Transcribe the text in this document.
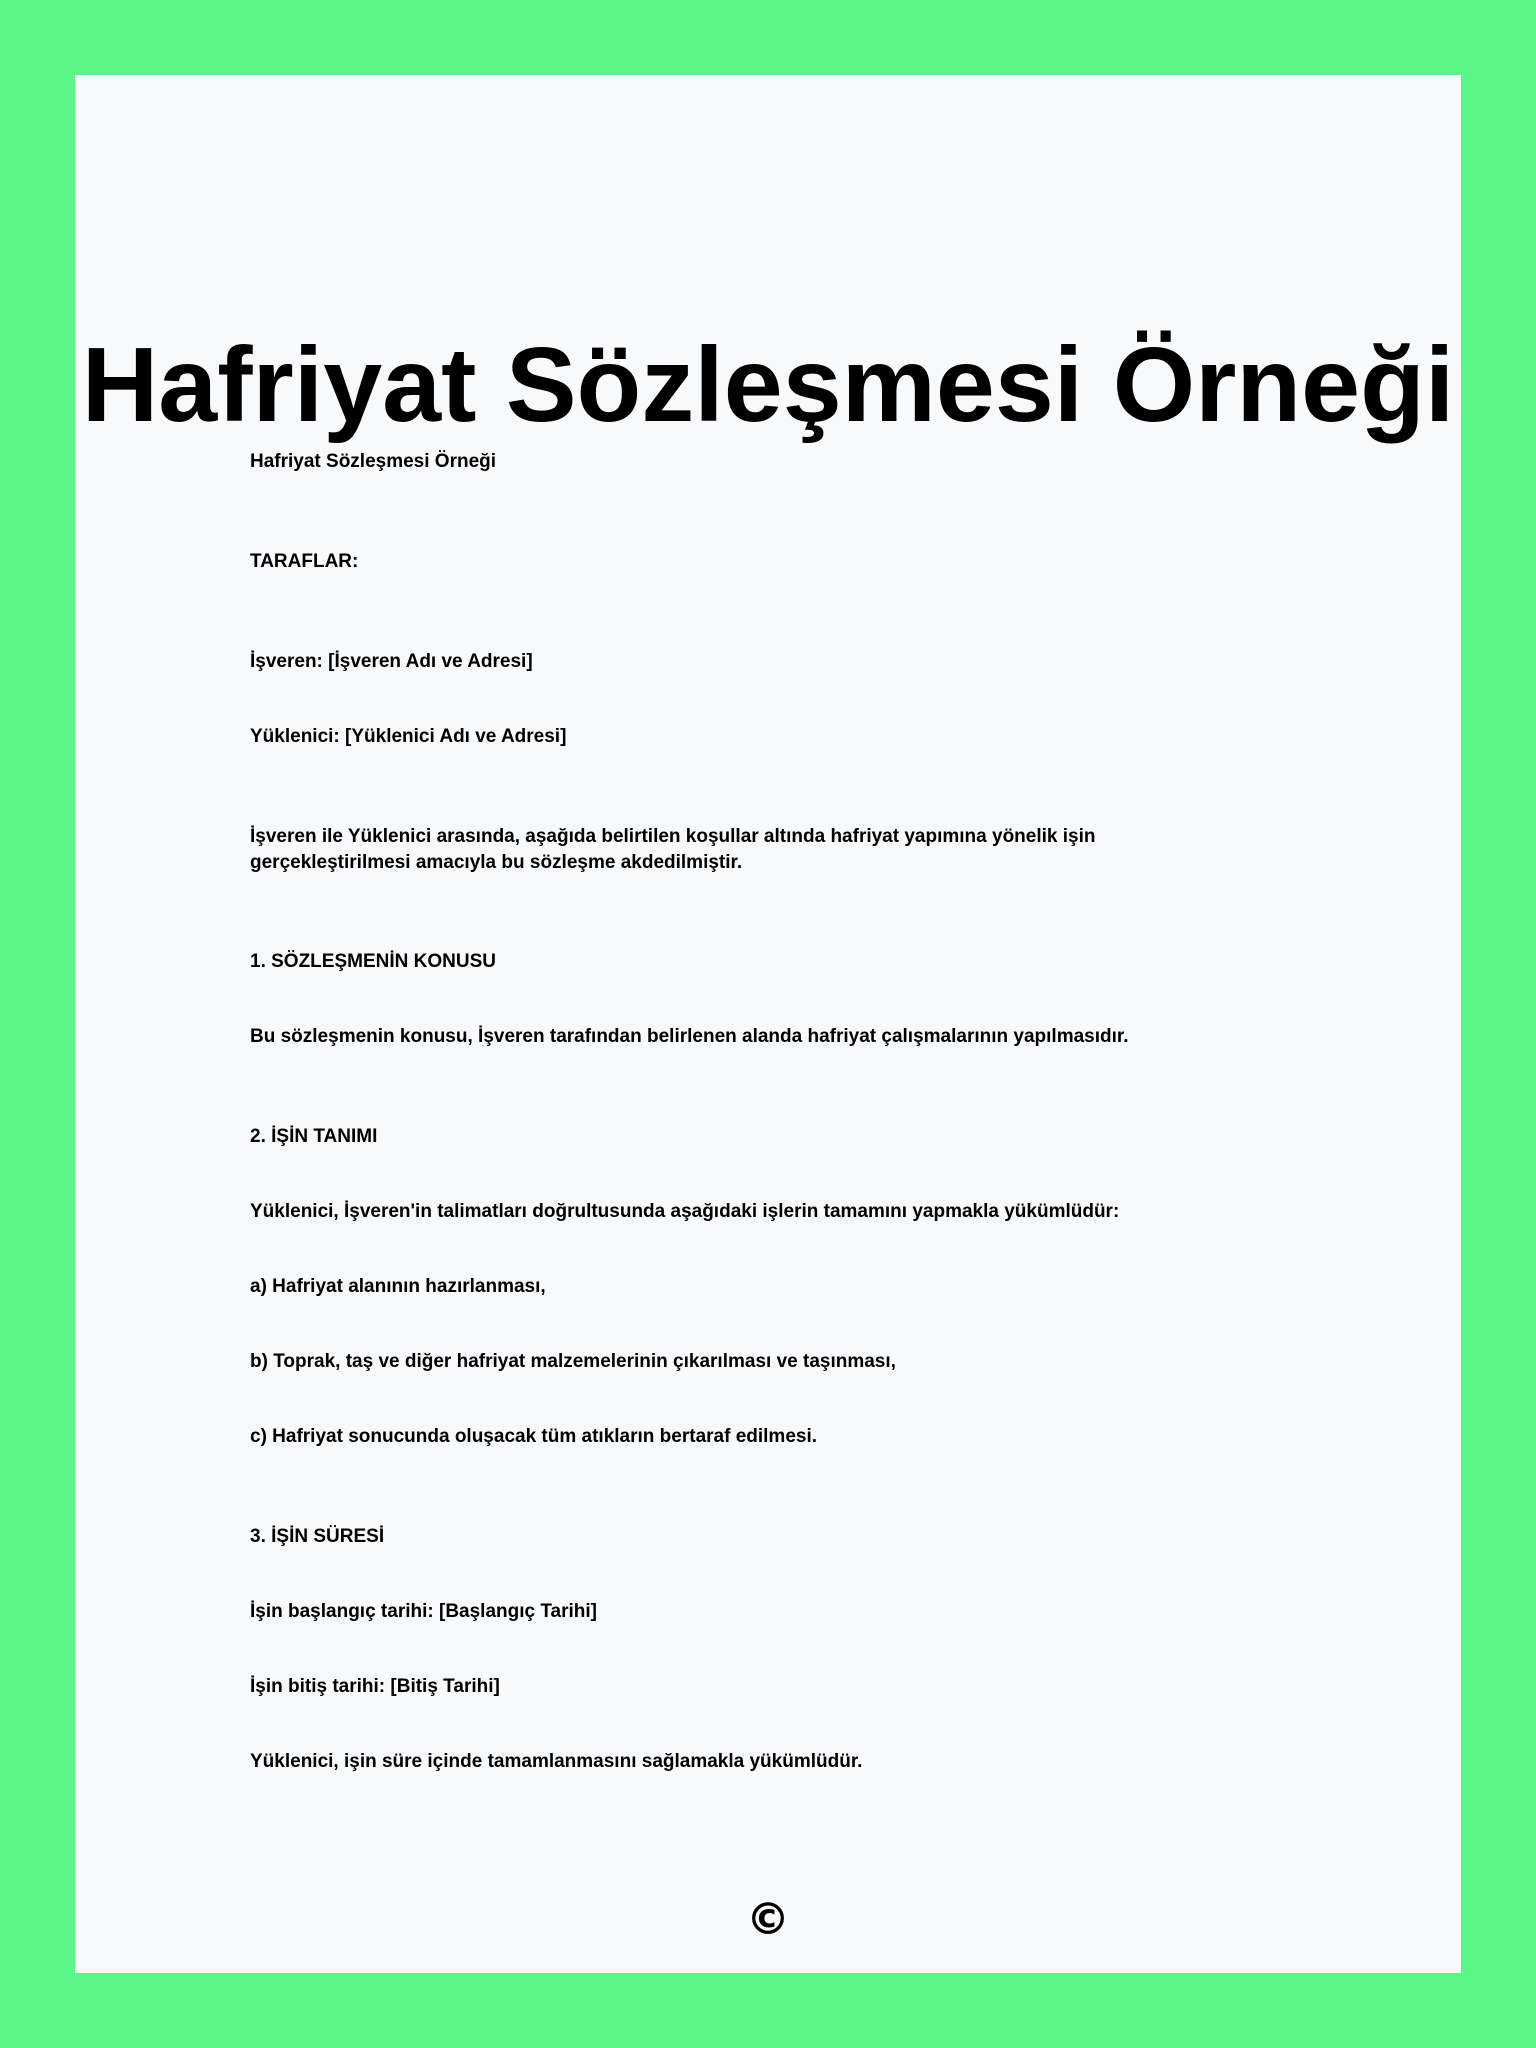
Hafriyat Sözleşmesi Örneği

Hafriyat Sözleşmesi Örneği

TARAFLAR:

İşveren: [İşveren Adı ve Adresi]

Yüklenici: [Yüklenici Adı ve Adresi]

İşveren ile Yüklenici arasında, aşağıda belirtilen koşullar altında hafriyat yapımına yönelik işin gerçekleştirilmesi amacıyla bu sözleşme akdedilmiştir.

1. SÖZLEŞMENİN KONUSU

Bu sözleşmenin konusu, İşveren tarafından belirlenen alanda hafriyat çalışmalarının yapılmasıdır.

2. İŞİN TANIMI

Yüklenici, İşveren'in talimatları doğrultusunda aşağıdaki işlerin tamamını yapmakla yükümlüdür:

a) Hafriyat alanının hazırlanması,

b) Toprak, taş ve diğer hafriyat malzemelerinin çıkarılması ve taşınması,

c) Hafriyat sonucunda oluşacak tüm atıkların bertaraf edilmesi.

3. İŞİN SÜRESİ

İşin başlangıç tarihi: [Başlangıç Tarihi]

İşin bitiş tarihi: [Bitiş Tarihi]

Yüklenici, işin süre içinde tamamlanmasını sağlamakla yükümlüdür.

©
